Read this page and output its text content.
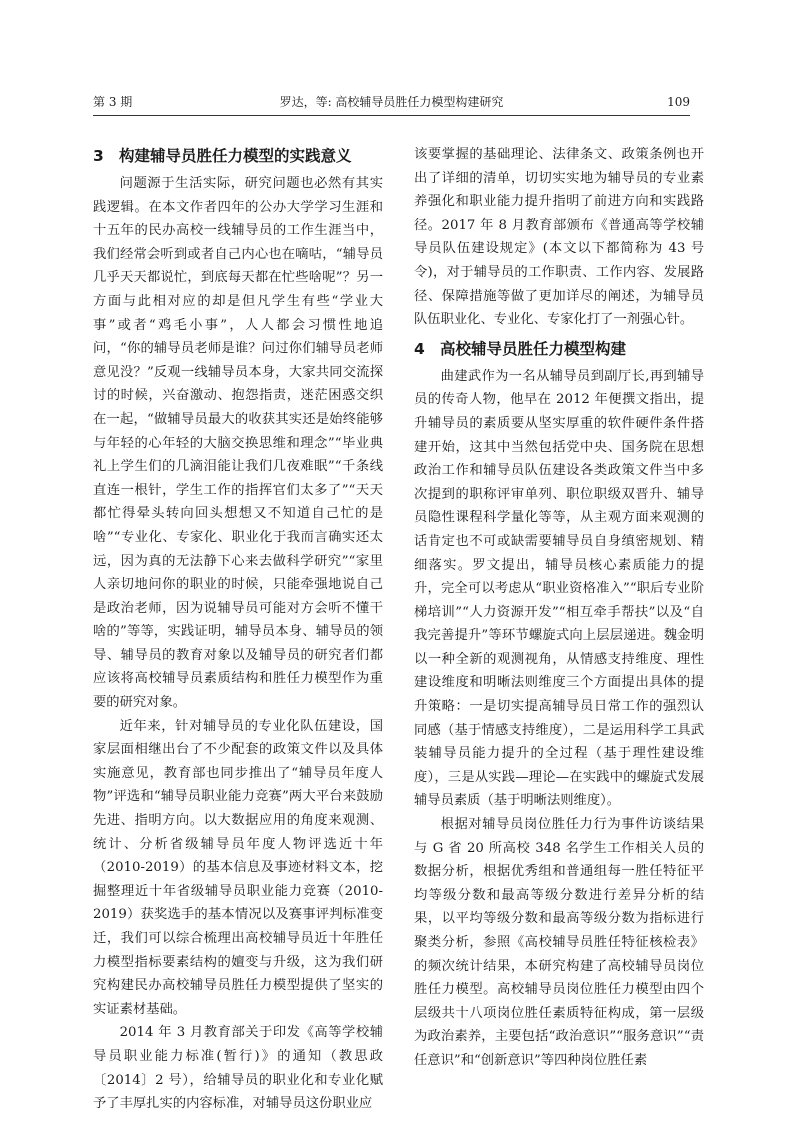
第 3 期	罗达，等: 高校辅导员胜任力模型构建研究	109
3 构建辅导员胜任力模型的实践意义

问题源于生活实际，研究问题也必然有其实践逻辑。在本文作者四年的公办大学学习生涯和十五年的民办高校一线辅导员的工作生涯当中，我们经常会听到或者自己内心也在嘀咕，“辅导员几乎天天都说忙，到底每天都在忙些啥呢”？另一方面与此相对应的却是但凡学生有些“学业大事”或者“鸡毛小事”，人人都会习惯性地追问，“你的辅导员老师是谁？问过你们辅导员老师意见没？”反观一线辅导员本身，大家共同交流探讨的时候，兴奋激动、抱怨指责，迷茫困惑交织在一起，“做辅导员最大的收获其实还是始终能够与年轻的心年轻的大脑交换思维和理念”“毕业典礼上学生们的几滴泪能让我们几夜难眠”“千条线直连一根针，学生工作的指挥官们太多了”“天天都忙得晕头转向回头想想又不知道自己忙的是啥”“专业化、专家化、职业化于我而言确实还太远，因为真的无法静下心来去做科学研究”“家里人亲切地问你的职业的时候，只能牵强地说自己是政治老师，因为说辅导员可能对方会听不懂干啥的”等等，实践证明，辅导员本身、辅导员的领导、辅导员的教育对象以及辅导员的研究者们都应该将高校辅导员素质结构和胜任力模型作为重要的研究对象。

近年来，针对辅导员的专业化队伍建设，国家层面相继出台了不少配套的政策文件以及具体实施意见，教育部也同步推出了“辅导员年度人物”评选和“辅导员职业能力竞赛”两大平台来鼓励先进、指明方向。以大数据应用的角度来观测、统计、分析省级辅导员年度人物评选近十年（2010-2019）的基本信息及事迹材料文本，挖掘整理近十年省级辅导员职业能力竞赛（2010-2019）获奖选手的基本情况以及赛事评判标准变迁，我们可以综合梳理出高校辅导员近十年胜任力模型指标要素结构的嬗变与升级，这为我们研究构建民办高校辅导员胜任力模型提供了坚实的实证素材基础。

2014 年 3 月教育部关于印发《高等学校辅导员职业能力标准(暂行)》的通知（教思政〔2014〕2 号），给辅导员的职业化和专业化赋予了丰厚扎实的内容标准，对辅导员这份职业应

该要掌握的基础理论、法律条文、政策条例也开出了详细的清单，切切实实地为辅导员的专业素养强化和职业能力提升指明了前进方向和实践路径。2017 年 8 月教育部颁布《普通高等学校辅导员队伍建设规定》(本文以下都简称为 43 号令)，对于辅导员的工作职责、工作内容、发展路径、保障措施等做了更加详尽的阐述，为辅导员队伍职业化、专业化、专家化打了一剂强心针。

4 高校辅导员胜任力模型构建

曲建武作为一名从辅导员到副厅长,再到辅导员的传奇人物，他早在 2012 年便撰文指出，提升辅导员的素质要从坚实厚重的软件硬件条件搭建开始，这其中当然包括党中央、国务院在思想政治工作和辅导员队伍建设各类政策文件当中多次提到的职称评审单列、职位职级双晋升、辅导员隐性课程科学量化等等，从主观方面来观测的话肯定也不可或缺需要辅导员自身缜密规划、精细落实。罗文提出，辅导员核心素质能力的提升，完全可以考虑从“职业资格准入”“职后专业阶梯培训”“人力资源开发”“相互牵手帮扶”以及“自我完善提升”等环节螺旋式向上层层递进。魏金明以一种全新的观测视角，从情感支持维度、理性建设维度和明晰法则维度三个方面提出具体的提升策略：一是切实提高辅导员日常工作的强烈认同感（基于情感支持维度），二是运用科学工具武装辅导员能力提升的全过程（基于理性建设维度），三是从实践—理论—在实践中的螺旋式发展辅导员素质（基于明晰法则维度）。

根据对辅导员岗位胜任力行为事件访谈结果与 G 省 20 所高校 348 名学生工作相关人员的数据分析，根据优秀组和普通组每一胜任特征平均等级分数和最高等级分数进行差异分析的结果，以平均等级分数和最高等级分数为指标进行聚类分析，参照《高校辅导员胜任特征核检表》的频次统计结果，本研究构建了高校辅导员岗位胜任力模型。高校辅导员岗位胜任力模型由四个层级共十八项岗位胜任素质特征构成，第一层级为政治素养，主要包括“政治意识”“服务意识”“责任意识”和“创新意识”等四种岗位胜任素
